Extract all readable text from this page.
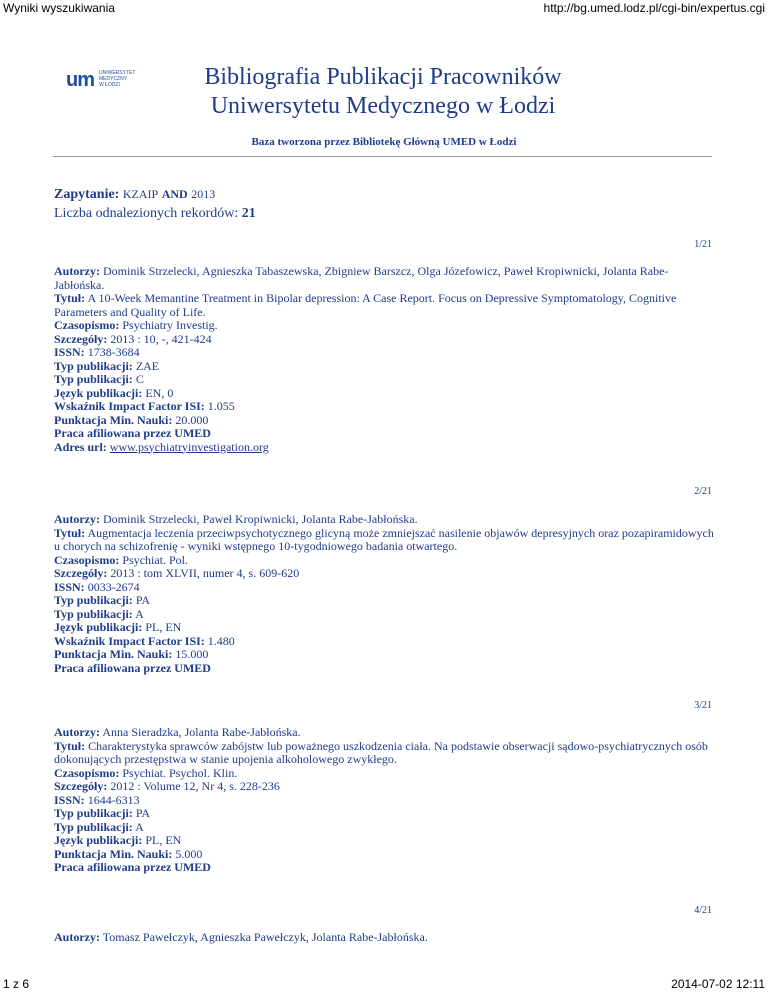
Wyniki wyszukiwania	http://bg.umed.lodz.pl/cgi-bin/expertus.cgi
um UNIWERSYTET
MEDYCZNY
W ŁODZI	Bibliografia Publikacji Pracowników
Uniwersytetu Medycznego w Łodzi
Baza tworzona przez Bibliotekę Główną UMED w Łodzi
Zapytanie: KZAIP AND 2013
Liczba odnalezionych rekordów: 21
1/21
Autorzy: Dominik Strzelecki, Agnieszka Tabaszewska, Zbigniew Barszcz, Olga Józefowicz, Paweł Kropiwnicki, Jolanta Rabe-Jabłońska.
Tytuł: A 10-Week Memantine Treatment in Bipolar depression: A Case Report. Focus on Depressive Symptomatology, Cognitive Parameters and Quality of Life.
Czasopismo: Psychiatry Investig.
Szczegóły: 2013 : 10, -, 421-424
ISSN: 1738-3684
Typ publikacji: ZAE
Typ publikacji: C
Język publikacji: EN, 0
Wskaźnik Impact Factor ISI: 1.055
Punktacja Min. Nauki: 20.000
Praca afiliowana przez UMED
Adres url: www.psychiatryinvestigation.org
2/21
Autorzy: Dominik Strzelecki, Paweł Kropiwnicki, Jolanta Rabe-Jabłońska.
Tytuł: Augmentacja leczenia przeciwpsychotycznego glicyną może zmniejszać nasilenie objawów depresyjnych oraz pozapiramidowych u chorych na schizofrenię - wyniki wstępnego 10-tygodniowego badania otwartego.
Czasopismo: Psychiat. Pol.
Szczegóły: 2013 : tom XLVII, numer 4, s. 609-620
ISSN: 0033-2674
Typ publikacji: PA
Typ publikacji: A
Język publikacji: PL, EN
Wskaźnik Impact Factor ISI: 1.480
Punktacja Min. Nauki: 15.000
Praca afiliowana przez UMED
3/21
Autorzy: Anna Sieradzka, Jolanta Rabe-Jabłońska.
Tytuł: Charakterystyka sprawców zabójstw lub poważnego uszkodzenia ciała. Na podstawie obserwacji sądowo-psychiatrycznych osób dokonujących przestępstwa w stanie upojenia alkoholowego zwykłego.
Czasopismo: Psychiat. Psychol. Klin.
Szczegóły: 2012 : Volume 12, Nr 4, s. 228-236
ISSN: 1644-6313
Typ publikacji: PA
Typ publikacji: A
Język publikacji: PL, EN
Punktacja Min. Nauki: 5.000
Praca afiliowana przez UMED
4/21
Autorzy: Tomasz Pawełczyk, Agnieszka Pawełczyk, Jolanta Rabe-Jabłońska.
1 z 6	2014-07-02 12:11
